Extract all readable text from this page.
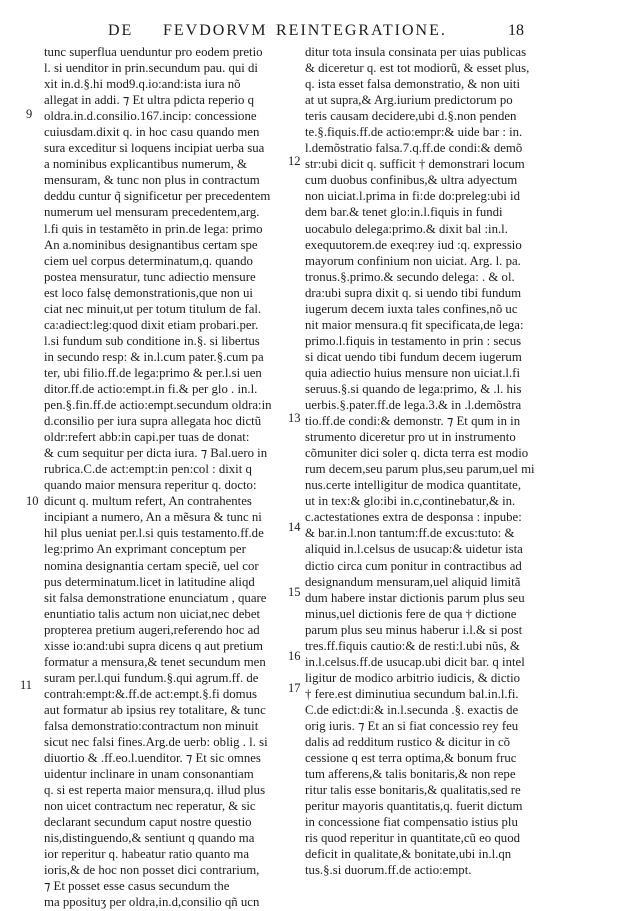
DE FEVDORVM REINTEGRATIONE.	18
tunc superflua uenduntur pro eodem pretio
l. si uenditor in prin.secundum pau. qui di
xit in.d.§.hi mod9.q.io:and:ista iura nõ
allegat in addi. ⁊ Et ultra pdicta reperio q
oldra.in.d.consilio.167.incip: concessione
cuiusdam.dixit q. in hoc casu quando men
sura exceditur si loquens incipiat uerba sua
a nominibus explicantibus numerum, &
mensuram, & tunc non plus in contractum
deddu cuntur q̃ significetur per precedentem
numerum uel mensuram precedentem,arg.
l.fi quis in testaměto in prin.de lega: primo
An a.nominibus designantibus certam spe
ciem uel corpus determinatum,q. quando
postea mensuratur, tunc adiectio mensure
est loco falsę demonstrationis,que non ui
ciat nec minuit,ut per totum titulum de fal.
ca:adiect:leg:quod dixit etiam probari.per.
l.si fundum sub conditione in.§. si libertus
in secundo resp: & in.l.cum pater.§.cum pa
ter, ubi filio.ff.de lega:primo & per.l.si uen
ditor.ff.de actio:empt.in fi.& per glo . in.l.
pen.§.fin.ff.de actio:empt.secundum oldra:in
d.consilio per iura supra allegata hoc dictũ
oldr:refert abb:in capi.per tuas de donat:
& cum sequitur per dicta iura. ⁊ Bal.uero in
rubrica.C.de act:empt:in pen:col : dixit q
quando maior mensura reperitur q. docto:
dicunt q. multum refert, An contrahentes
incipiant a numero, An a mẽsura & tunc ni
hil plus ueniat per.l.si quis testamento.ff.de
leg:primo An exprimant conceptum per
nomina designantia certam speciẽ, uel cor
pus determinatum.licet in latitudine aliqd
sit falsa demonstratione enunciatum , quare
enuntiatio talis actum non uiciat,nec debet
propterea pretium augeri,referendo hoc ad
xisse io:and:ubi supra dicens q aut pretium
formatur a mensura,& tenet secundum men
suram per.l.qui fundum.§.qui agrum.ff. de
contrah:empt:&.ff.de act:empt.§.fi domus
aut formatur ab ipsius rey totalitare, & tunc
falsa demonstratio:contractum non minuit
sicut nec falsi fines.Arg.de uerb: oblig . l. si
diuortio & .ff.eo.l.uenditor. ⁊ Et sic omnes
uidentur inclinare in unam consonantiam
q. si est reperta maior mensura,q. illud plus
non uicet contractum nec reperatur, & sic
declarant secundum caput nostre questio
nis,distinguendo,& sentiunt q quando ma
ior reperitur q. habeatur ratio quanto ma
ioris,& de hoc non posset dici contrarium,
⁊ Et posset esse casus secundum the
ma pposituʒ per oldra,in.d,consilio qñ ucn
ditur tota insula consinata per uias publicas
& diceretur q. est tot modiorũ, & esset plus,
q. ista esset falsa demonstratio, & non uiti
at ut supra,& Arg.iurium predictorum po
teris causam decidere,ubi d.§.non penden
te.§.fiquis.ff.de actio:empr:& uide bar : in.
l.demõstratio falsa.7.q.ff.de condi:& demõ
str:ubi dicit q. sufficit † demonstrari locum
cum duobus confinibus,& ultra adyectum
non uiciat.l.prima in fi:de do:preleg:ubi id
dem bar.& tenet glo:in.l.fiquis in fundi
uocabulo delega:primo.& dixit bal :in.l.
exequutorem.de exeq:rey iud :q. expressio
mayorum confinium non uiciat. Arg. l. pa.
tronus.§.primo.& secundo delega: . & ol.
dra:ubi supra dixit q. si uendo tibi fundum
iugerum decem iuxta tales confines,nõ uc
nit maior mensura.q fit specificata,de lega:
primo.l.fiquis in testamento in prin : secus
si dicat uendo tibi fundum decem iugerum
quia adiectio huius mensure non uiciat.l.fi
seruus.§.si quando de lega:primo, & .l. his
uerbis.§.pater.ff.de lega.3.& in .l.demõstra
tio.ff.de condi:& demonstr. ⁊ Et qum in in
strumento diceretur pro ut in instrumento
cõmuniter dici soler q. dicta terra est modio
rum decem,seu parum plus,seu parum,uel mi
nus.certe intelligitur de modica quantitate,
ut in tex:& glo:ibi in.c,continebatur,& in.
c.actestationes extra de desponsa : inpube:
& bar.in.l.non tantum:ff.de excus:tuto: &
aliquid in.l.celsus de usucap:& uidetur ista
dictio circa cum ponitur in contractibus ad
designandum mensuram,uel aliquid limitã
dum habere instar dictionis parum plus seu
minus,uel dictionis fere de qua † dictione
parum plus seu minus haberur i.l.& si post
tres.ff.fiquis cautio:& de resti:l.ubi nũs, &
in.l.celsus.ff.de usucap.ubi dicit bar. q intel
ligitur de modico arbitrio iudicis, & dictio
† fere.est diminutiua secundum bal.in.l.fi.
C.de edict:di:& in.l.secunda .§. exactis de
orig iuris. ⁊ Et an si fiat concessio rey feu
dalis ad redditum rustico & dicitur in cõ
cessione q est terra optima,& bonum fruc
tum afferens,& talis bonitaris,& non repe
ritur talis esse bonitaris,& qualitatis,sed re
peritur mayoris quantitatis,q. fuerit dictum
in concessione fiat compensatio istius plu
ris quod reperitur in quantitate,cũ eo quod
deficit in qualitate,& bonitate,ubi in.l.qn
tus.§.si duorum.ff.de actio:empt.
9
10
11
12
13
14
15
16
17
